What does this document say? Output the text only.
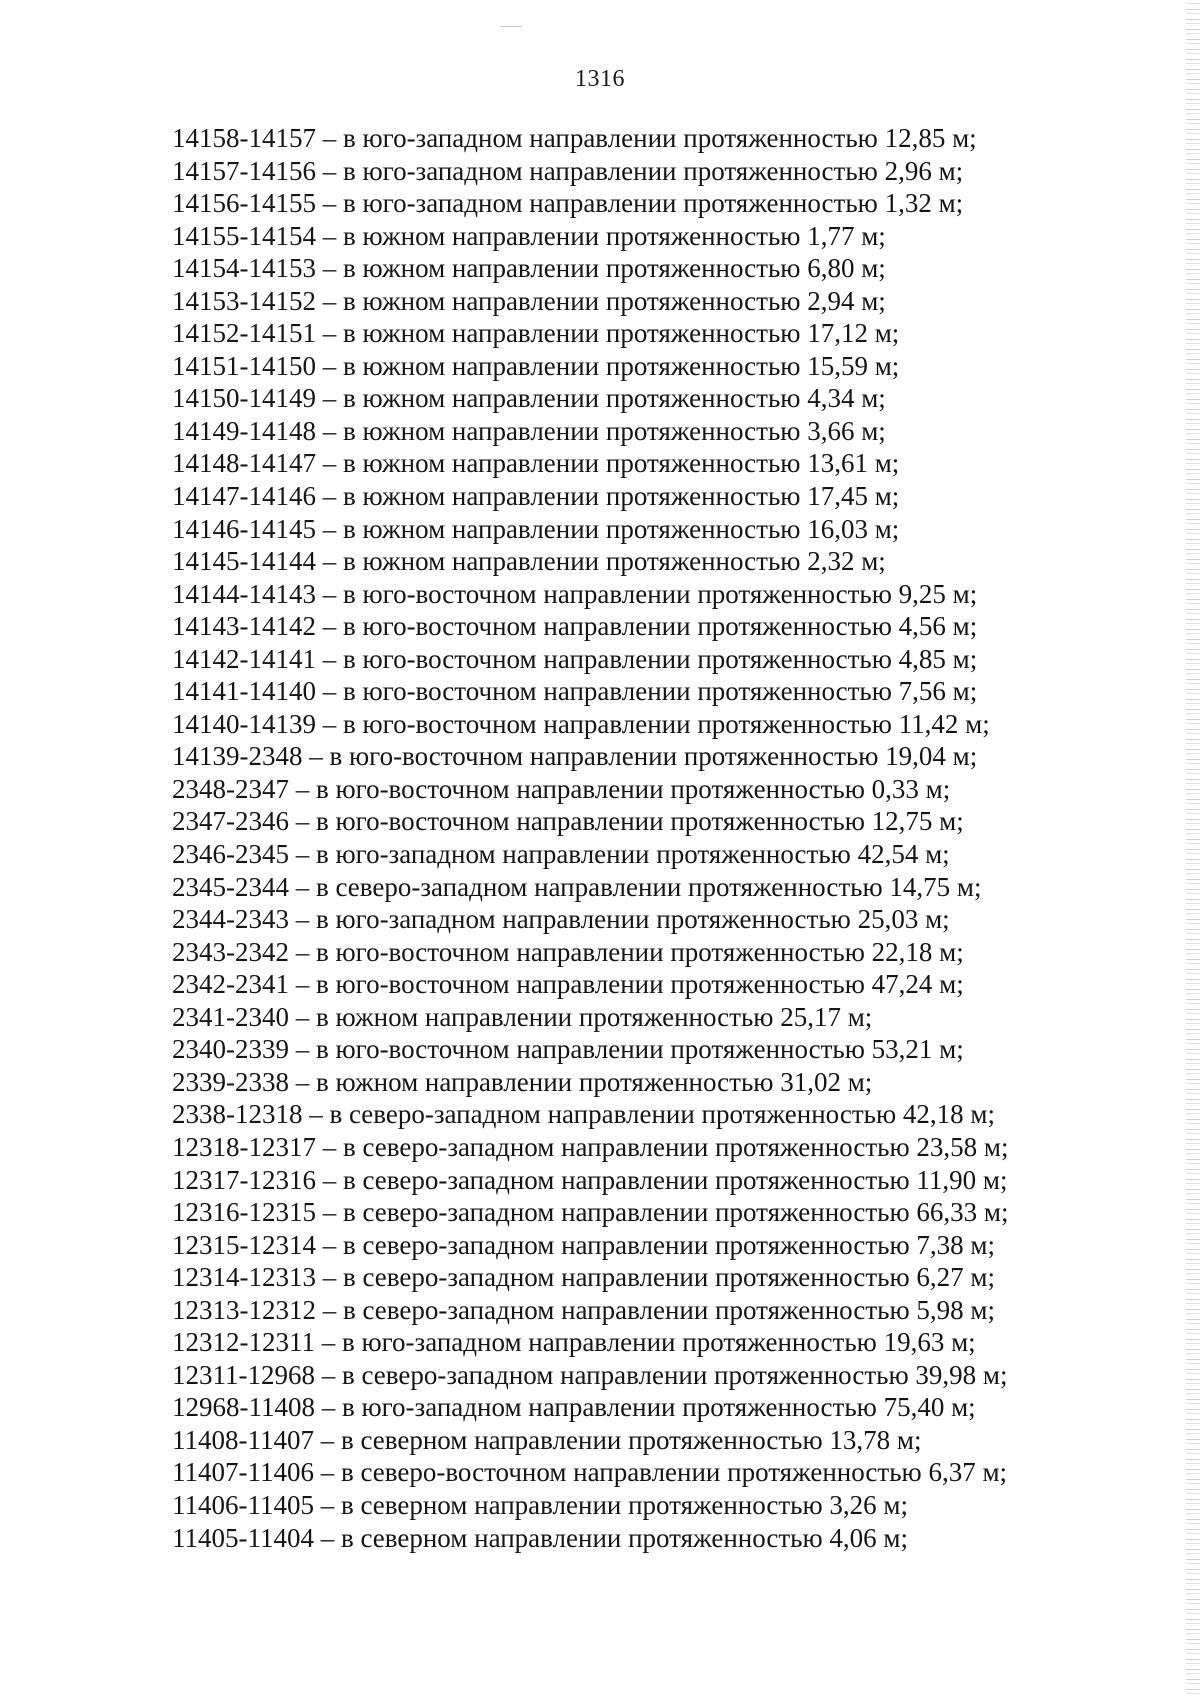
1316
14158-14157 – в юго-западном направлении протяженностью 12,85 м;
14157-14156 – в юго-западном направлении протяженностью 2,96 м;
14156-14155 – в юго-западном направлении протяженностью 1,32 м;
14155-14154 – в южном направлении протяженностью 1,77 м;
14154-14153 – в южном направлении протяженностью 6,80 м;
14153-14152 – в южном направлении протяженностью 2,94 м;
14152-14151 – в южном направлении протяженностью 17,12 м;
14151-14150 – в южном направлении протяженностью 15,59 м;
14150-14149 – в южном направлении протяженностью 4,34 м;
14149-14148 – в южном направлении протяженностью 3,66 м;
14148-14147 – в южном направлении протяженностью 13,61 м;
14147-14146 – в южном направлении протяженностью 17,45 м;
14146-14145 – в южном направлении протяженностью 16,03 м;
14145-14144 – в южном направлении протяженностью 2,32 м;
14144-14143 – в юго-восточном направлении протяженностью 9,25 м;
14143-14142 – в юго-восточном направлении протяженностью 4,56 м;
14142-14141 – в юго-восточном направлении протяженностью 4,85 м;
14141-14140 – в юго-восточном направлении протяженностью 7,56 м;
14140-14139 – в юго-восточном направлении протяженностью 11,42 м;
14139-2348 – в юго-восточном направлении протяженностью 19,04 м;
2348-2347 – в юго-восточном направлении протяженностью 0,33 м;
2347-2346 – в юго-восточном направлении протяженностью 12,75 м;
2346-2345 – в юго-западном направлении протяженностью 42,54 м;
2345-2344 – в северо-западном направлении протяженностью 14,75 м;
2344-2343 – в юго-западном направлении протяженностью 25,03 м;
2343-2342 – в юго-восточном направлении протяженностью 22,18 м;
2342-2341 – в юго-восточном направлении протяженностью 47,24 м;
2341-2340 – в южном направлении протяженностью 25,17 м;
2340-2339 – в юго-восточном направлении протяженностью 53,21 м;
2339-2338 – в южном направлении протяженностью 31,02 м;
2338-12318 – в северо-западном направлении протяженностью 42,18 м;
12318-12317 – в северо-западном направлении протяженностью 23,58 м;
12317-12316 – в северо-западном направлении протяженностью 11,90 м;
12316-12315 – в северо-западном направлении протяженностью 66,33 м;
12315-12314 – в северо-западном направлении протяженностью 7,38 м;
12314-12313 – в северо-западном направлении протяженностью 6,27 м;
12313-12312 – в северо-западном направлении протяженностью 5,98 м;
12312-12311 – в юго-западном направлении протяженностью 19,63 м;
12311-12968 – в северо-западном направлении протяженностью 39,98 м;
12968-11408 – в юго-западном направлении протяженностью 75,40 м;
11408-11407 – в северном направлении протяженностью 13,78 м;
11407-11406 – в северо-восточном направлении протяженностью 6,37 м;
11406-11405 – в северном направлении протяженностью 3,26 м;
11405-11404 – в северном направлении протяженностью 4,06 м;
